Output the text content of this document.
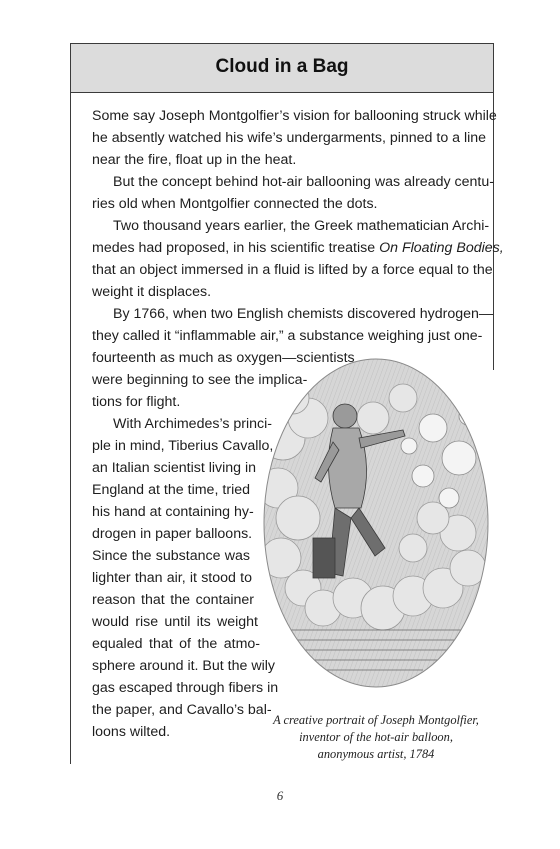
Cloud in a Bag
Some say Joseph Montgolfier’s vision for ballooning struck while
he absently watched his wife’s undergarments, pinned to a line
near the fire, float up in the heat.
But the concept behind hot-air ballooning was already centu-
ries old when Montgolfier connected the dots.
Two thousand years earlier, the Greek mathematician Archi-
medes had proposed, in his scientific treatise On Floating Bodies,
that an object immersed in a fluid is lifted by a force equal to the
weight it displaces.
By 1766, when two English chemists discovered hydrogen—
they called it “inflammable air,” a substance weighing just one-
fourteenth as much as oxygen—scientists
were beginning to see the implica-
tions for flight.
With Archimedes’s princi-
ple in mind, Tiberius Cavallo,
an Italian scientist living in
England at the time, tried
his hand at containing hy-
drogen in paper balloons.
Since the substance was
lighter than air, it stood to
reason that the container
would rise until its weight
equaled that of the atmo-
sphere around it. But the wily
gas escaped through fibers in
the paper, and Cavallo’s bal-
loons wilted.
A creative portrait of Joseph Montgolfier,
inventor of the hot-air balloon,
anonymous artist, 1784
6
